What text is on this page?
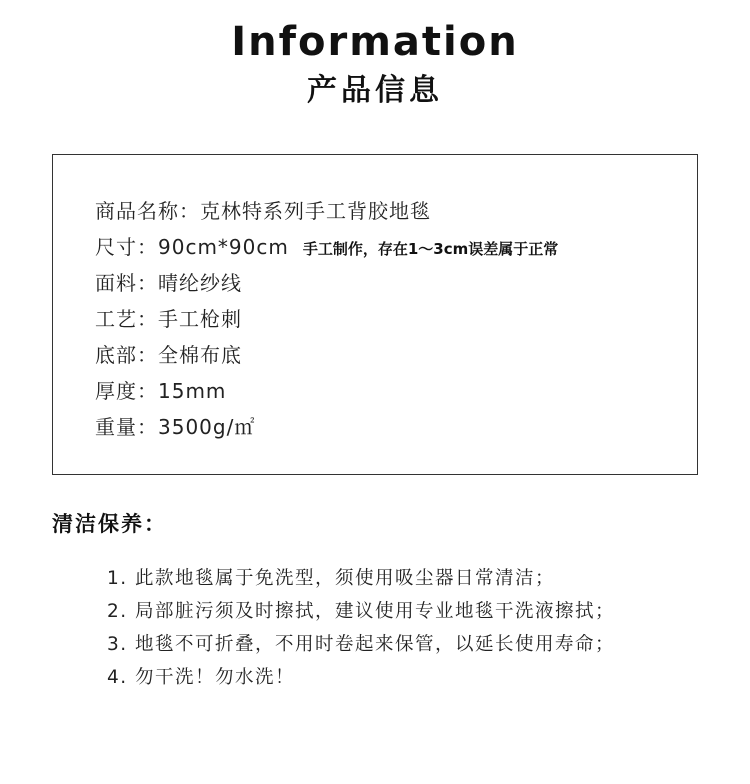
Information
产品信息
商品名称：克林特系列手工背胶地毯
尺寸：90cm*90cm 手工制作，存在1～3cm误差属于正常
面料：晴纶纱线
工艺：手工枪刺
底部：全棉布底
厚度：15mm
重量：3500g/㎡
清洁保养：
1. 此款地毯属于免洗型，须使用吸尘器日常清洁；
2. 局部脏污须及时擦拭，建议使用专业地毯干洗液擦拭；
3. 地毯不可折叠，不用时卷起来保管，以延长使用寿命；
4. 勿干洗！勿水洗！
